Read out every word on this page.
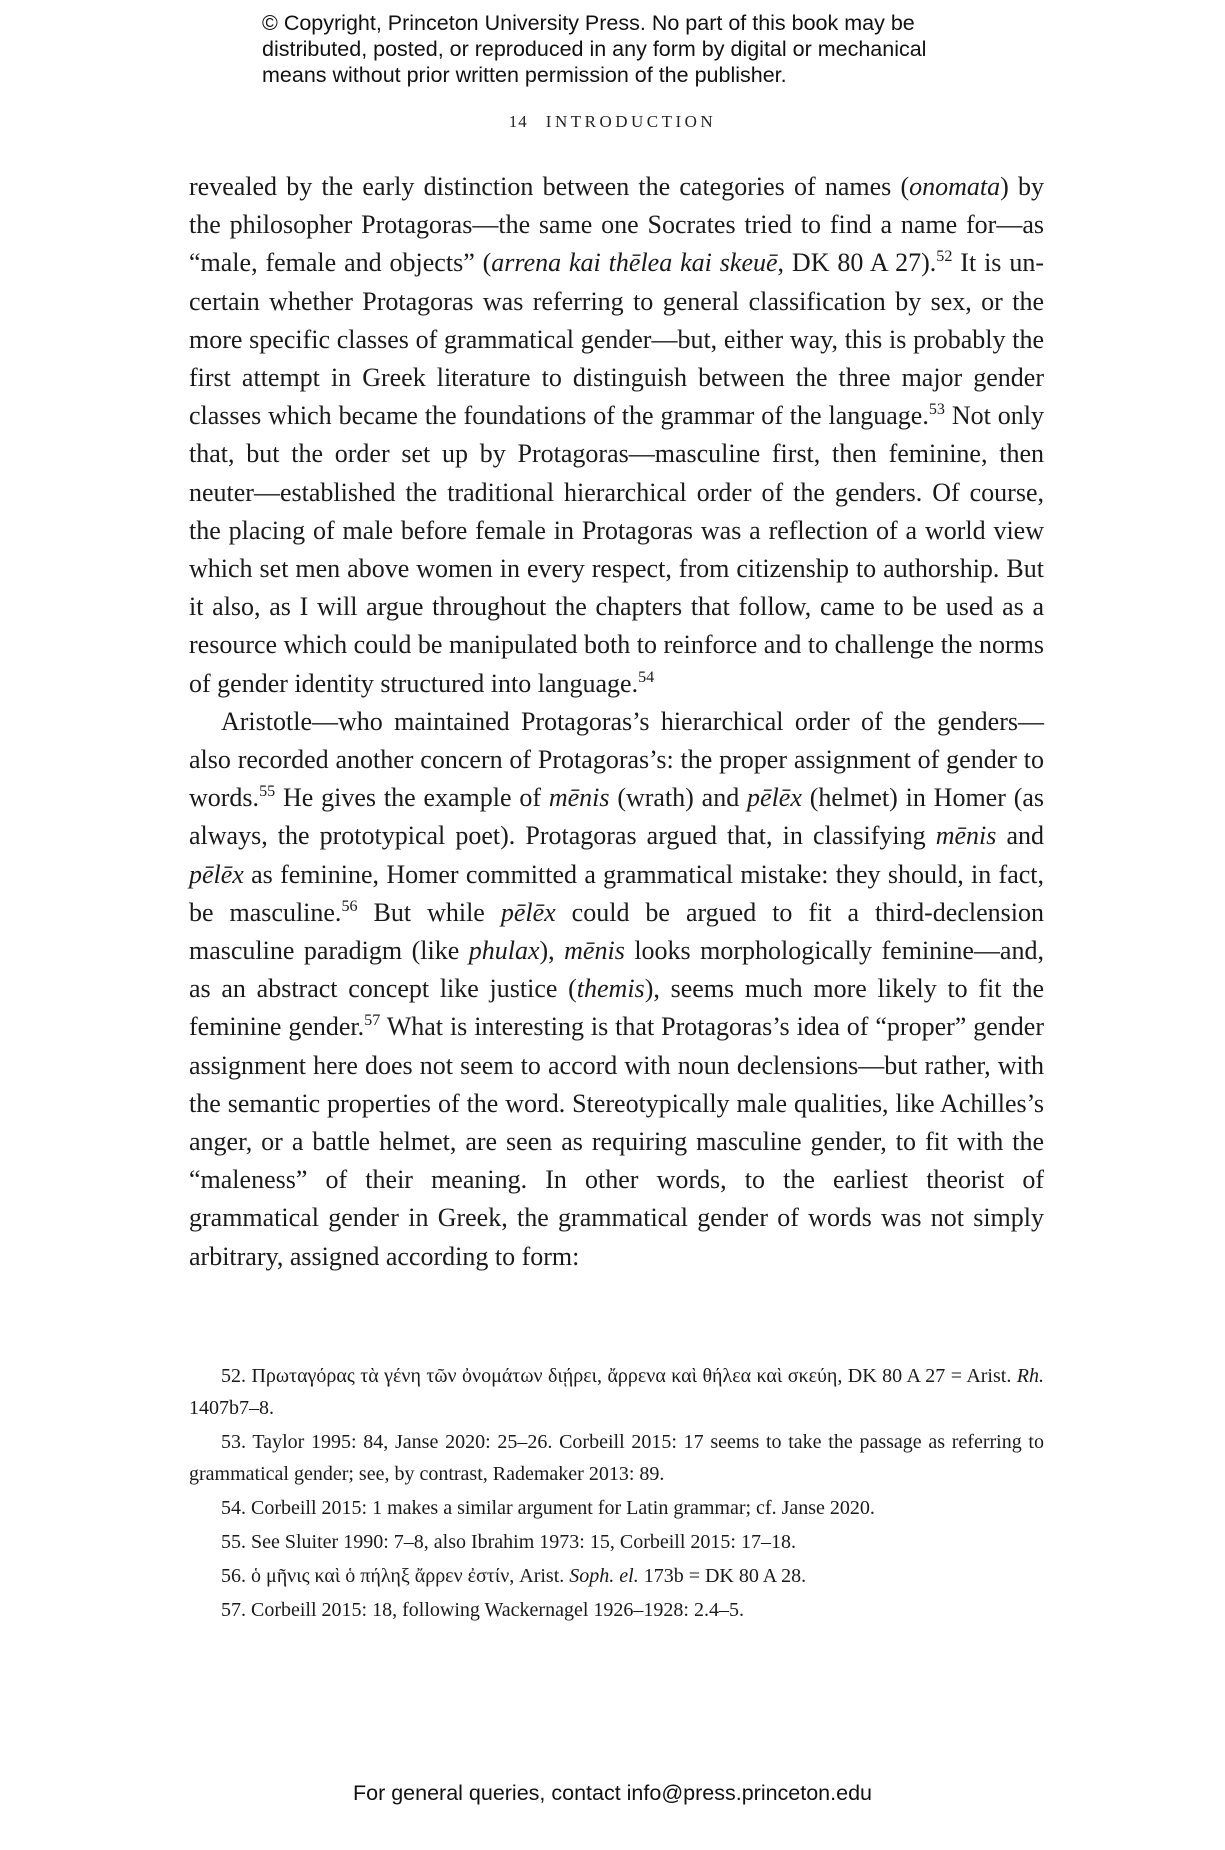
© Copyright, Princeton University Press. No part of this book may be
distributed, posted, or reproduced in any form by digital or mechanical
means without prior written permission of the publisher.
14 INTRODUCTION

revealed by the early distinction between the categories of names (onomata) by the philosopher Protagoras—the same one Socrates tried to find a name for—as “male, female and objects” (arrena kai thēlea kai skeuē, DK 80 A 27).$^{52}$ It is uncertain whether Protagoras was referring to general classification by sex, or the more specific classes of grammatical gender—but, either way, this is probably the first attempt in Greek literature to distinguish between the three major gender classes which became the foundations of the grammar of the language.$^{53}$ Not only that, but the order set up by Protagoras—masculine first, then feminine, then neuter—established the traditional hierarchical order of the genders. Of course, the placing of male before female in Protagoras was a reflection of a world view which set men above women in every respect, from citizenship to authorship. But it also, as I will argue throughout the chapters that follow, came to be used as a resource which could be manipulated both to reinforce and to challenge the norms of gender identity structured into language.$^{54}$

Aristotle—who maintained Protagoras’s hierarchical order of the genders—also recorded another concern of Protagoras’s: the proper assignment of gender to words.$^{55}$ He gives the example of mēnis (wrath) and pēlēx (helmet) in Homer (as always, the prototypical poet). Protagoras argued that, in classifying mēnis and pēlēx as feminine, Homer committed a grammatical mistake: they should, in fact, be masculine.$^{56}$ But while pēlēx could be argued to fit a third-declension masculine paradigm (like phulax), mēnis looks morphologically feminine—and, as an abstract concept like justice (themis), seems much more likely to fit the feminine gender.$^{57}$ What is interesting is that Protagoras’s idea of “proper” gender assignment here does not seem to accord with noun declensions—but rather, with the semantic properties of the word. Stereotypically male qualities, like Achilles’s anger, or a battle helmet, are seen as requiring masculine gender, to fit with the “maleness” of their meaning. In other words, to the earliest theorist of grammatical gender in Greek, the grammatical gender of words was not simply arbitrary, assigned according to form:

52. Πρωταγόρας τὰ γένη τῶν ὀνομάτων διῄρει, ἄρρενα καὶ θήλεα καὶ σκεύη, DK 80 A 27 = Arist. Rh. 1407b7–8.

53. Taylor 1995: 84, Janse 2020: 25–26. Corbeill 2015: 17 seems to take the passage as referring to grammatical gender; see, by contrast, Rademaker 2013: 89.

54. Corbeill 2015: 1 makes a similar argument for Latin grammar; cf. Janse 2020.

55. See Sluiter 1990: 7–8, also Ibrahim 1973: 15, Corbeill 2015: 17–18.

56. ὁ μῆνις καὶ ὁ πήληξ ἄρρεν ἐστίν, Arist. Soph. el. 173b = DK 80 A 28.

57. Corbeill 2015: 18, following Wackernagel 1926–1928: 2.4–5.

For general queries, contact info@press.princeton.edu
